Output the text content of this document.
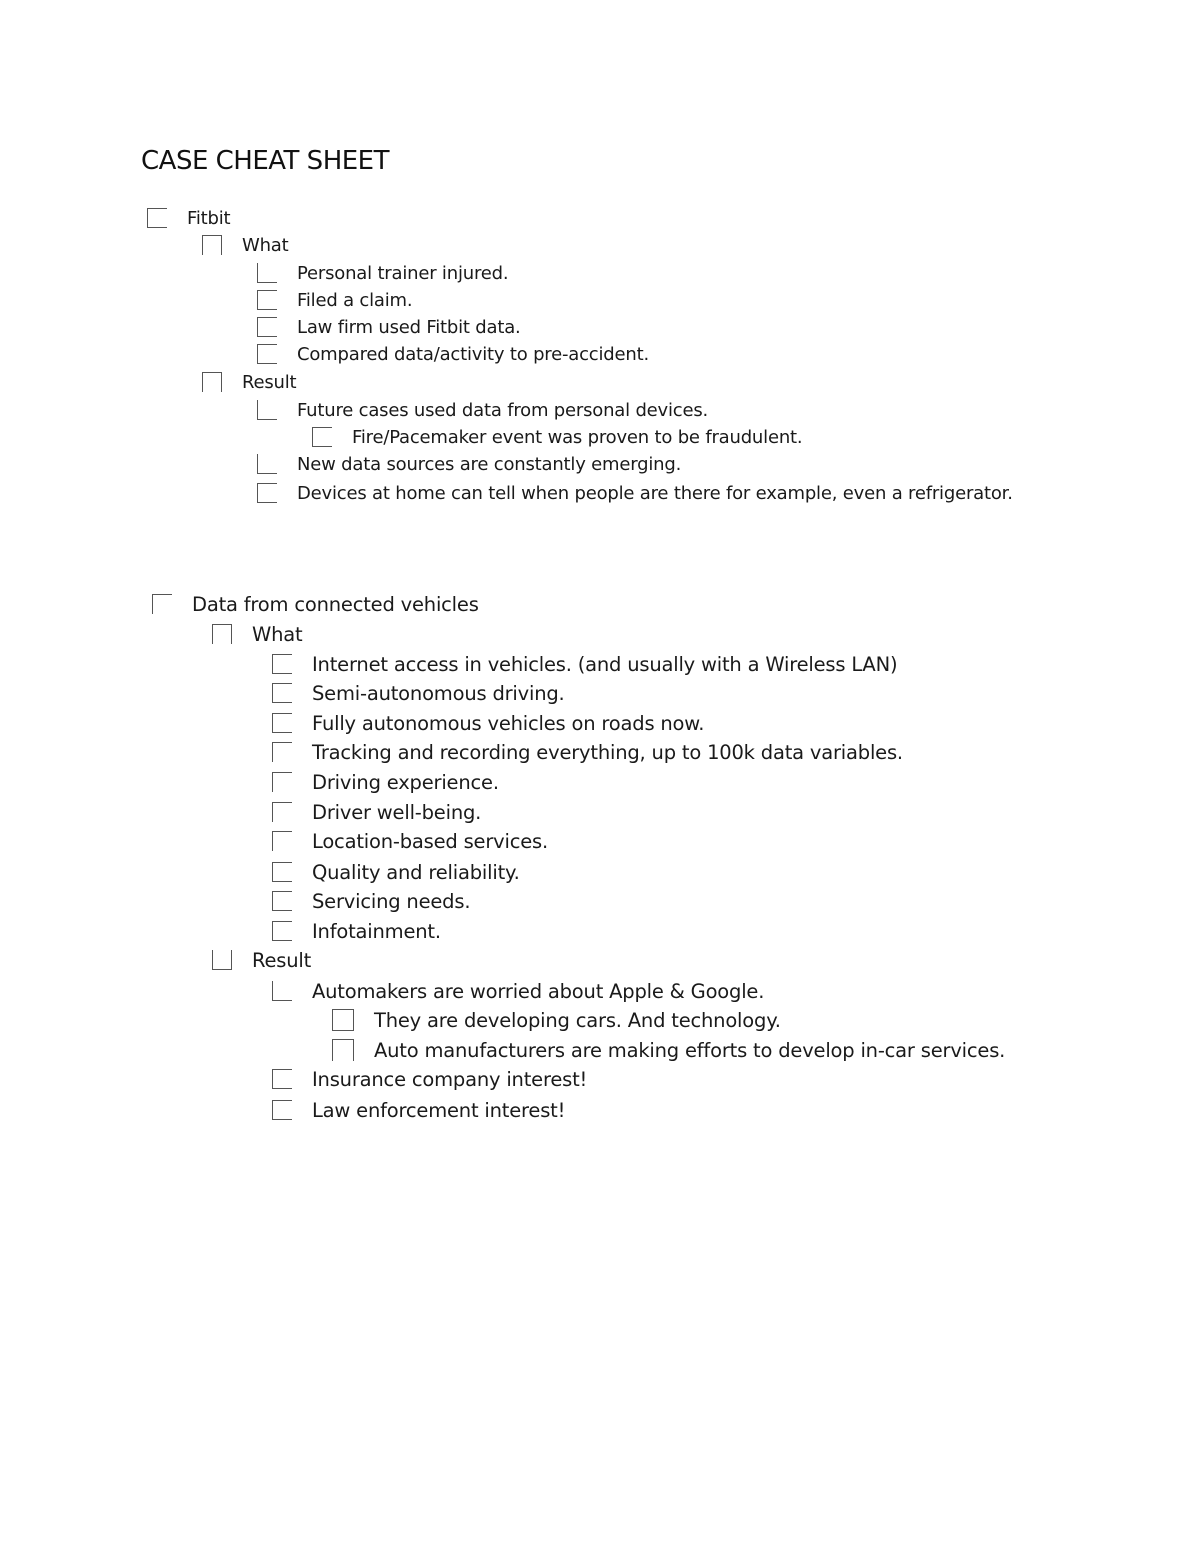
CASE CHEAT SHEET
Fitbit
What
Personal trainer injured.
Filed a claim.
Law firm used Fitbit data.
Compared data/activity to pre-accident.
Result
Future cases used data from personal devices.
Fire/Pacemaker event was proven to be fraudulent.
New data sources are constantly emerging.
Devices at home can tell when people are there for example, even a refrigerator.
Data from connected vehicles
What
Internet access in vehicles. (and usually with a Wireless LAN)
Semi-autonomous driving.
Fully autonomous vehicles on roads now.
Tracking and recording everything, up to 100k data variables.
Driving experience.
Driver well-being.
Location-based services.
Quality and reliability.
Servicing needs.
Infotainment.
Result
Automakers are worried about Apple & Google.
They are developing cars. And technology.
Auto manufacturers are making efforts to develop in-car services.
Insurance company interest!
Law enforcement interest!
